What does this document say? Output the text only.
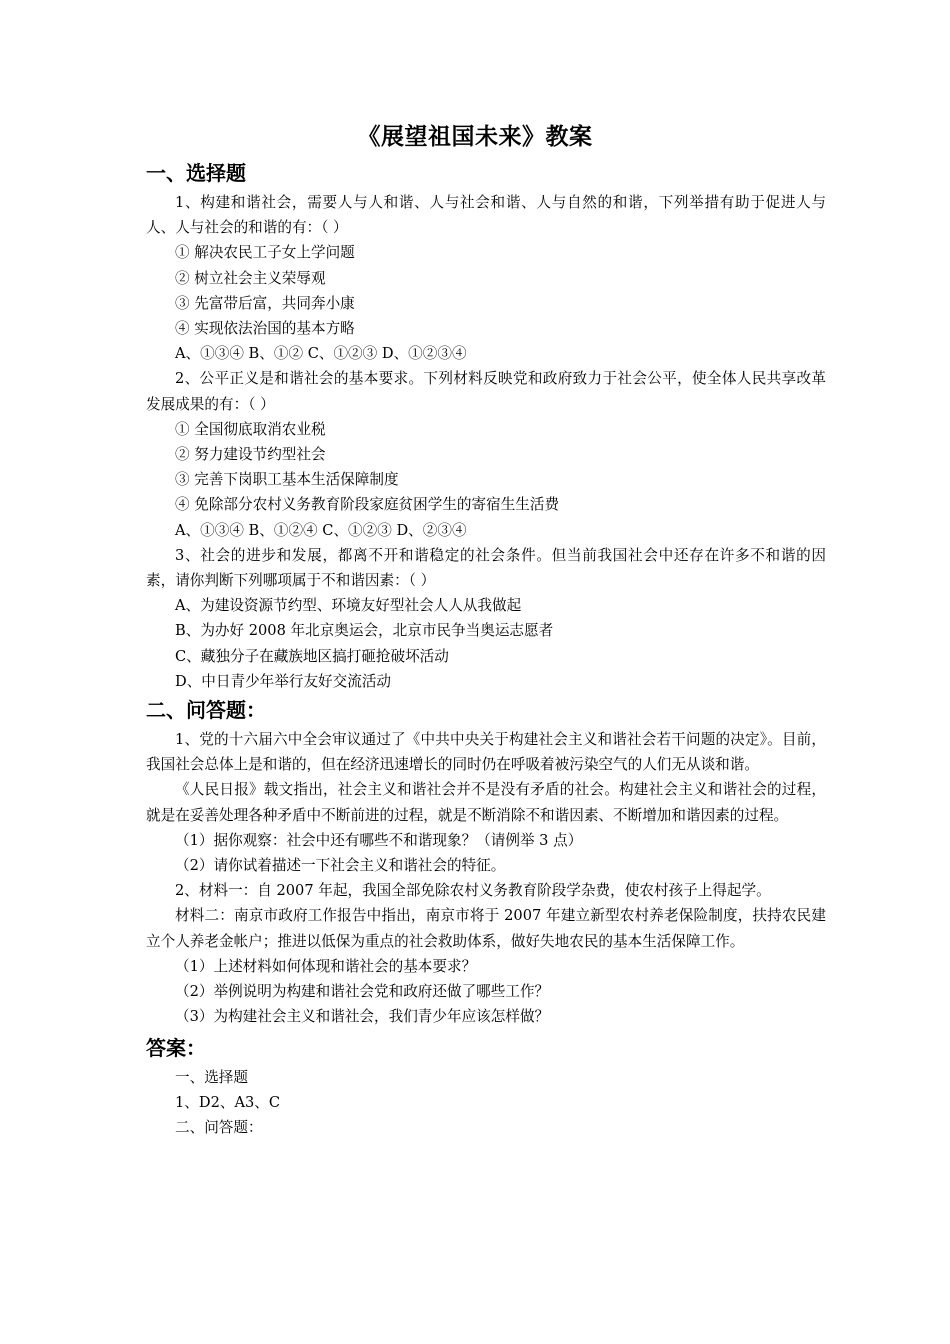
《展望祖国未来》教案
一、选择题

1、构建和谐社会，需要人与人和谐、人与社会和谐、人与自然的和谐，下列举措有助于促进人与人、人与社会的和谐的有：（ ）

① 解决农民工子女上学问题

② 树立社会主义荣辱观

③ 先富带后富，共同奔小康

④ 实现依法治国的基本方略

A、①③④ B、①② C、①②③ D、①②③④

2、公平正义是和谐社会的基本要求。下列材料反映党和政府致力于社会公平，使全体人民共享改革发展成果的有：（ ）

① 全国彻底取消农业税

② 努力建设节约型社会

③ 完善下岗职工基本生活保障制度

④ 免除部分农村义务教育阶段家庭贫困学生的寄宿生生活费

A、①③④ B、①②④ C、①②③ D、②③④

3、社会的进步和发展，都离不开和谐稳定的社会条件。但当前我国社会中还存在许多不和谐的因素，请你判断下列哪项属于不和谐因素：（ ）

A、为建设资源节约型、环境友好型社会人人从我做起

B、为办好 2008 年北京奥运会，北京市民争当奥运志愿者

C、藏独分子在藏族地区搞打砸抢破坏活动

D、中日青少年举行友好交流活动

二、问答题：

1、党的十六届六中全会审议通过了《中共中央关于构建社会主义和谐社会若干问题的决定》。目前，我国社会总体上是和谐的，但在经济迅速增长的同时仍在呼吸着被污染空气的人们无从谈和谐。

《人民日报》载文指出，社会主义和谐社会并不是没有矛盾的社会。构建社会主义和谐社会的过程，就是在妥善处理各种矛盾中不断前进的过程，就是不断消除不和谐因素、不断增加和谐因素的过程。

（1）据你观察：社会中还有哪些不和谐现象？（请例举 3 点）

（2）请你试着描述一下社会主义和谐社会的特征。

2、材料一：自 2007 年起，我国全部免除农村义务教育阶段学杂费，使农村孩子上得起学。

材料二：南京市政府工作报告中指出，南京市将于 2007 年建立新型农村养老保险制度，扶持农民建立个人养老金帐户；推进以低保为重点的社会救助体系，做好失地农民的基本生活保障工作。

（1）上述材料如何体现和谐社会的基本要求？

（2）举例说明为构建和谐社会党和政府还做了哪些工作？

（3）为构建社会主义和谐社会，我们青少年应该怎样做？

答案：

一、选择题

1、D2、A3、C

二、问答题：
